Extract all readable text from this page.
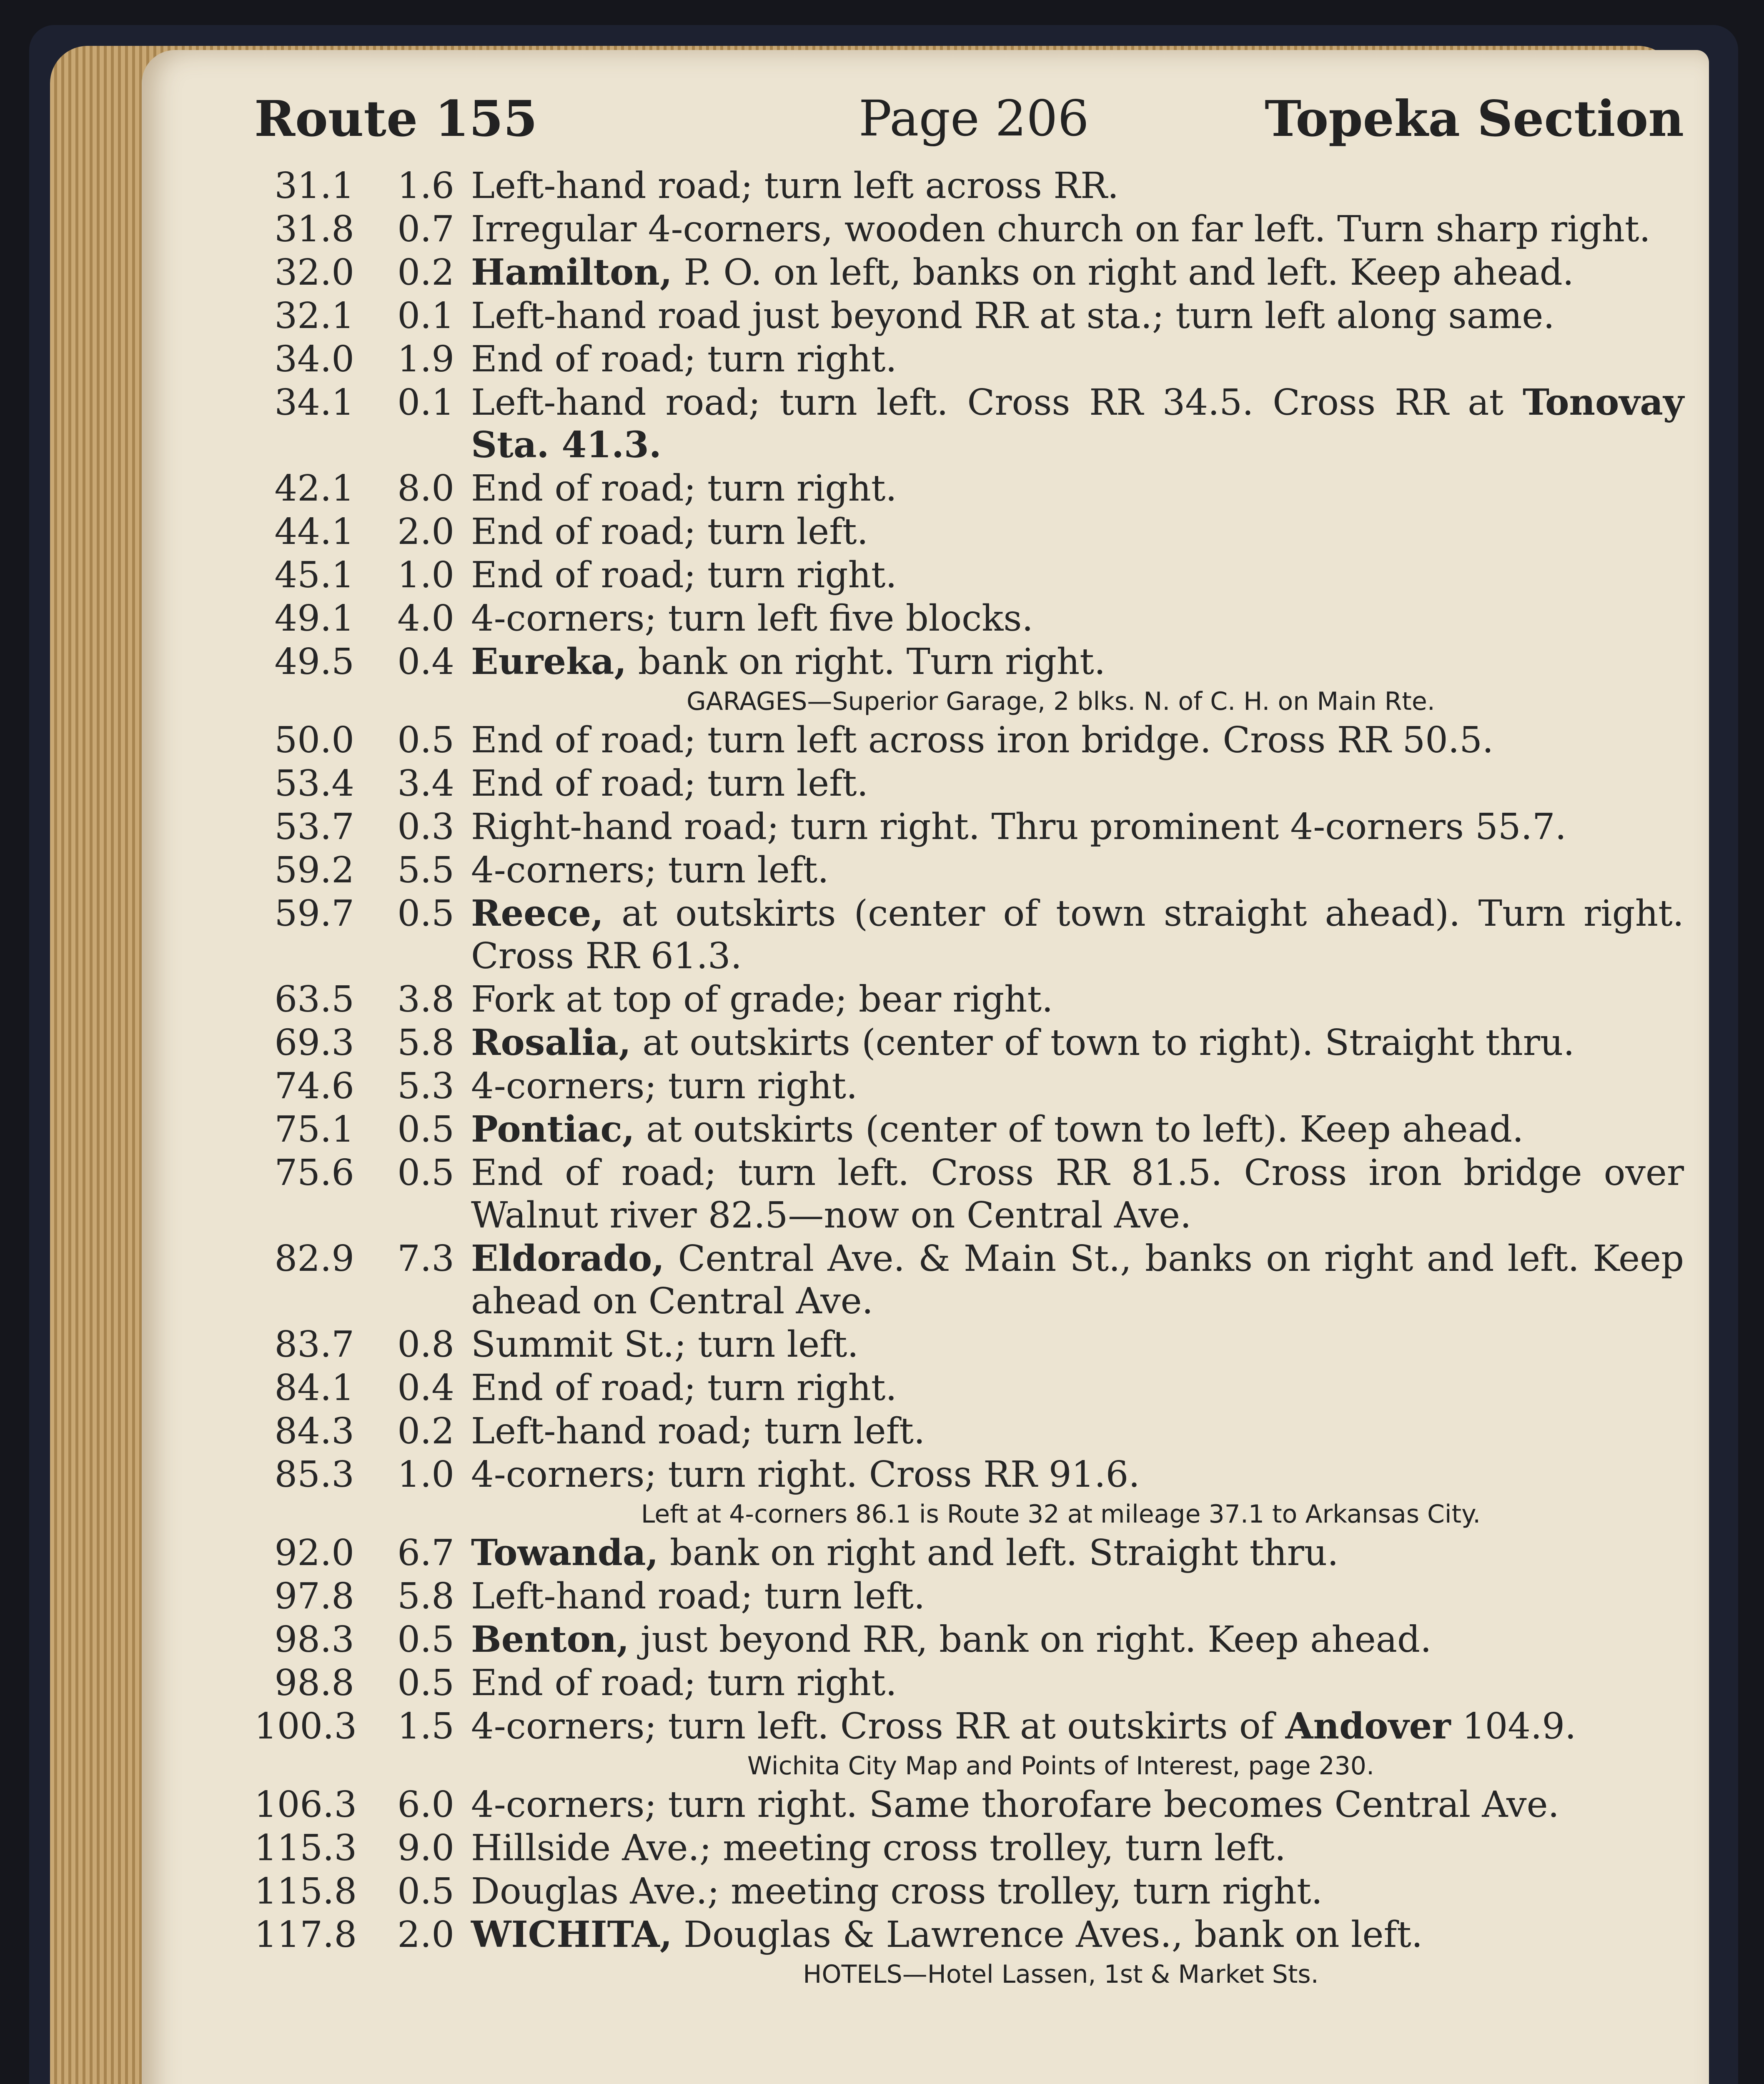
Route 155	Page 206	Topeka Section
31.1 1.6 Left-hand road; turn left across RR.
31.8 0.7 Irregular 4-corners, wooden church on far left. Turn sharp right.
32.0 0.2 Hamilton, P. O. on left, banks on right and left. Keep ahead.
32.1 0.1 Left-hand road just beyond RR at sta.; turn left along same.
34.0 1.9 End of road; turn right.
34.1 0.1 Left-hand road; turn left. Cross RR 34.5. Cross RR at Tonovay Sta. 41.3.
42.1 8.0 End of road; turn right.
44.1 2.0 End of road; turn left.
45.1 1.0 End of road; turn right.
49.1 4.0 4-corners; turn left five blocks.
49.5 0.4 Eureka, bank on right. Turn right.
GARAGES—Superior Garage, 2 blks. N. of C. H. on Main Rte.
50.0 0.5 End of road; turn left across iron bridge. Cross RR 50.5.
53.4 3.4 End of road; turn left.
53.7 0.3 Right-hand road; turn right. Thru prominent 4-corners 55.7.
59.2 5.5 4-corners; turn left.
59.7 0.5 Reece, at outskirts (center of town straight ahead). Turn right. Cross RR 61.3.
63.5 3.8 Fork at top of grade; bear right.
69.3 5.8 Rosalia, at outskirts (center of town to right). Straight thru.
74.6 5.3 4-corners; turn right.
75.1 0.5 Pontiac, at outskirts (center of town to left). Keep ahead.
75.6 0.5 End of road; turn left. Cross RR 81.5. Cross iron bridge over Walnut river 82.5—now on Central Ave.
82.9 7.3 Eldorado, Central Ave. & Main St., banks on right and left. Keep ahead on Central Ave.
83.7 0.8 Summit St.; turn left.
84.1 0.4 End of road; turn right.
84.3 0.2 Left-hand road; turn left.
85.3 1.0 4-corners; turn right. Cross RR 91.6.
Left at 4-corners 86.1 is Route 32 at mileage 37.1 to Arkansas City.
92.0 6.7 Towanda, bank on right and left. Straight thru.
97.8 5.8 Left-hand road; turn left.
98.3 0.5 Benton, just beyond RR, bank on right. Keep ahead.
98.8 0.5 End of road; turn right.
100.3 1.5 4-corners; turn left. Cross RR at outskirts of Andover 104.9.
Wichita City Map and Points of Interest, page 230.
106.3 6.0 4-corners; turn right. Same thorofare becomes Central Ave.
115.3 9.0 Hillside Ave.; meeting cross trolley, turn left.
115.8 0.5 Douglas Ave.; meeting cross trolley, turn right.
117.8 2.0 WICHITA, Douglas & Lawrence Aves., bank on left.
HOTELS—Hotel Lassen, 1st & Market Sts.
